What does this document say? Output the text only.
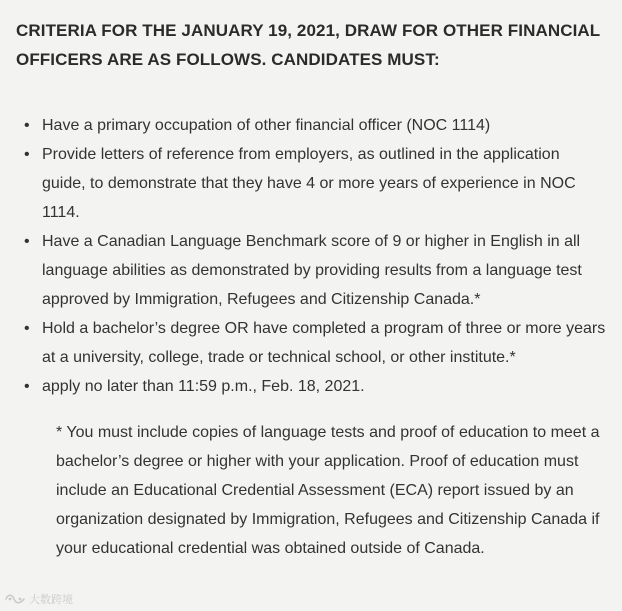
CRITERIA FOR THE JANUARY 19, 2021, DRAW FOR OTHER FINANCIAL OFFICERS ARE AS FOLLOWS. CANDIDATES MUST:
• Have a primary occupation of other financial officer (NOC 1114)
• Provide letters of reference from employers, as outlined in the application guide, to demonstrate that they have 4 or more years of experience in NOC 1114.
• Have a Canadian Language Benchmark score of 9 or higher in English in all language abilities as demonstrated by providing results from a language test approved by Immigration, Refugees and Citizenship Canada.*
• Hold a bachelor’s degree OR have completed a program of three or more years at a university, college, trade or technical school, or other institute.*
• apply no later than 11:59 p.m., Feb. 18, 2021.

* You must include copies of language tests and proof of education to meet a bachelor’s degree or higher with your application. Proof of education must include an Educational Credential Assessment (ECA) report issued by an organization designated by Immigration, Refugees and Citizenship Canada if your educational credential was obtained outside of Canada.

大数跨境
